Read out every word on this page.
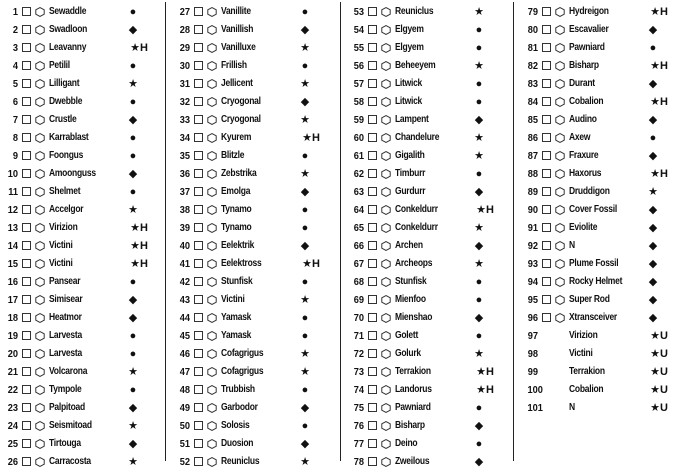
1	Sewaddle	●
2	Swadloon	◆
3	Leavanny	★H
4	Petilil	●
5	Lilligant	★
6	Dwebble	●
7	Crustle	◆
8	Karrablast	●
9	Foongus	●
10	Amoonguss	◆
11	Shelmet	●
12	Accelgor	★
13	Virizion	★H
14	Victini	★H
15	Victini	★H
16	Pansear	●
17	Simisear	◆
18	Heatmor	◆
19	Larvesta	●
20	Larvesta	●
21	Volcarona	★
22	Tympole	●
23	Palpitoad	◆
24	Seismitoad	★
25	Tirtouga	◆
26	Carracosta	★
27	Vanillite	●
28	Vanillish	◆
29	Vanilluxe	★
30	Frillish	●
31	Jellicent	★
32	Cryogonal	◆
33	Cryogonal	★
34	Kyurem	★H
35	Blitzle	●
36	Zebstrika	★
37	Emolga	◆
38	Tynamo	●
39	Tynamo	●
40	Eelektrik	◆
41	Eelektross	★H
42	Stunfisk	●
43	Victini	★
44	Yamask	●
45	Yamask	●
46	Cofagrigus	★
47	Cofagrigus	★
48	Trubbish	●
49	Garbodor	◆
50	Solosis	●
51	Duosion	◆
52	Reuniclus	★
53	Reuniclus	★
54	Elgyem	●
55	Elgyem	●
56	Beheeyem	★
57	Litwick	●
58	Litwick	●
59	Lampent	◆
60	Chandelure	★
61	Gigalith	★
62	Timburr	●
63	Gurdurr	◆
64	Conkeldurr	★H
65	Conkeldurr	★
66	Archen	◆
67	Archeops	★
68	Stunfisk	●
69	Mienfoo	●
70	Mienshao	◆
71	Golett	●
72	Golurk	★
73	Terrakion	★H
74	Landorus	★H
75	Pawniard	●
76	Bisharp	◆
77	Deino	●
78	Zweilous	◆
79	Hydreigon	★H
80	Escavalier	◆
81	Pawniard	●
82	Bisharp	★H
83	Durant	◆
84	Cobalion	★H
85	Audino	◆
86	Axew	●
87	Fraxure	◆
88	Haxorus	★H
89	Druddigon	★
90	Cover Fossil	◆
91	Eviolite	◆
92	N	◆
93	Plume Fossil	◆
94	Rocky Helmet	◆
95	Super Rod	◆
96	Xtransceiver	◆
97	Virizion	★U
98	Victini	★U
99	Terrakion	★U
100	Cobalion	★U
101	N	★U
